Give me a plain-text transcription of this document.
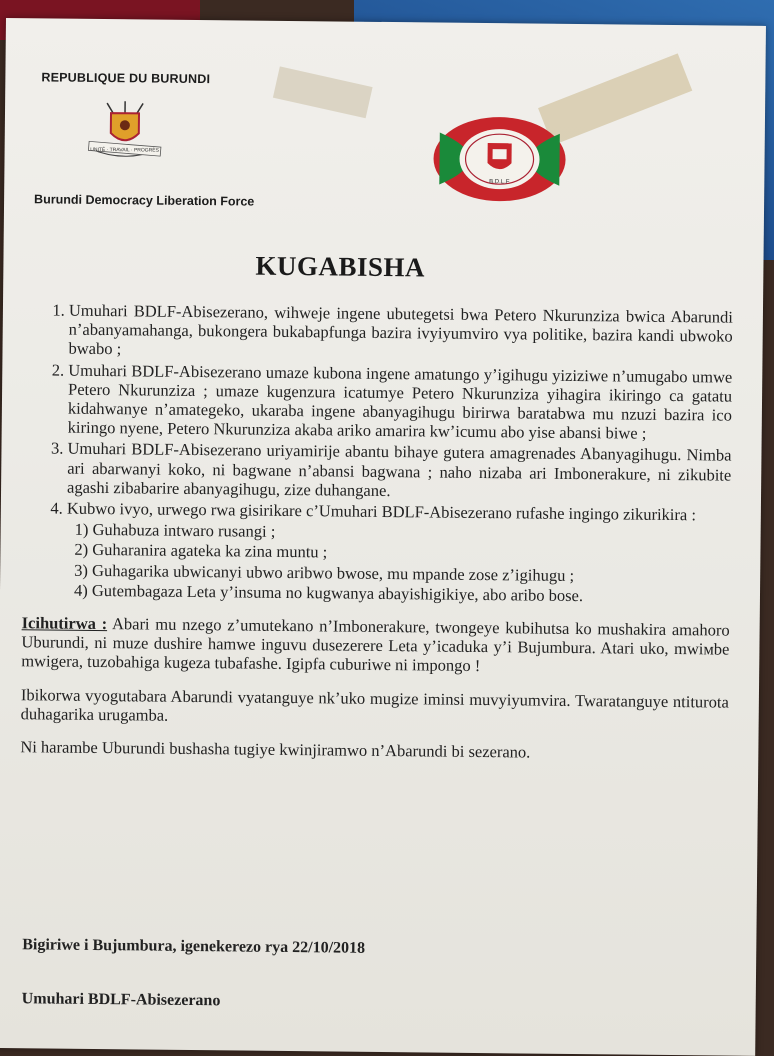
REPUBLIQUE DU BURUNDI
UNITÉ · TRAVAIL · PROGRÈS
Burundi Democracy Liberation Force
B.D.L.F
KUGABISHA
1. Umuhari BDLF-Abisezerano, wihweje ingene ubutegetsi bwa Petero Nkurunziza bwica Abarundi n’abanyamahanga, bukongera bukabapfunga bazira ivyiyumviro vya politike, bazira kandi ubwoko bwabo ;
2. Umuhari BDLF-Abisezerano umaze kubona ingene amatungo y’igihugu yiziziwe n’umugabo umwe Petero Nkurunziza ; umaze kugenzura icatumye Petero Nkurunziza yihagira ikiringo ca gatatu kidahwanye n’amategeko, ukaraba ingene abanyagihugu birirwa baratabwa mu nzuzi bazira ico kiringo nyene, Petero Nkurunziza akaba ariko amarira kw’icumu abo yise abansi biwe ;
3. Umuhari BDLF-Abisezerano uriyamirije abantu bihaye guterа amagrenades Abanyagihugu. Nimba ari abarwanyi koko, ni bagwane n’abansi bagwana ; naho nizaba ari Imbonerakure, ni zikubite agashi zibabarire abanyagihugu, zize duhangane.
4. Kubwo ivyo, urwego rwa gisirikare c’Umuhari BDLF-Abisezerano rufashe ingingo zikurikira :
1) Guhabuza intwaro rusangi ;
2) Guharanira agateka ka zina muntu ;
3) Guhagarika ubwicanyi ubwo aribwo bwose, mu mpande zose z’igihugu ;
4) Gutembagaza Leta y’insuma no kugwanya abayishigikiye, abo aribo bose.
Icihutirwa : Abari mu nzego z’umutekano n’Imbonerakure, twongeye kubihutsa ko mushakira amahoro Uburundi, ni muze dushire hamwe inguvu dusezerere Leta y’icaduka y’i Bujumbura. Atari uko, mwiмbe mwigera, tuzobahiga kugeza tubafashe. Igipfa cuburiwe ni impongo !
Ibikorwa vyogutabara Abarundi vyatanguye nk’uko mugize iminsi muvyiyumvira. Twaratanguye ntiturota duhagarika urugamba.
Ni harambe Uburundi bushasha tugiye kwinjiramwo n’Abarundi bi sezerano.
Bigiriwe i Bujumbura, igenekerezo rya 22/10/2018
Umuhari BDLF-Abisezerano
